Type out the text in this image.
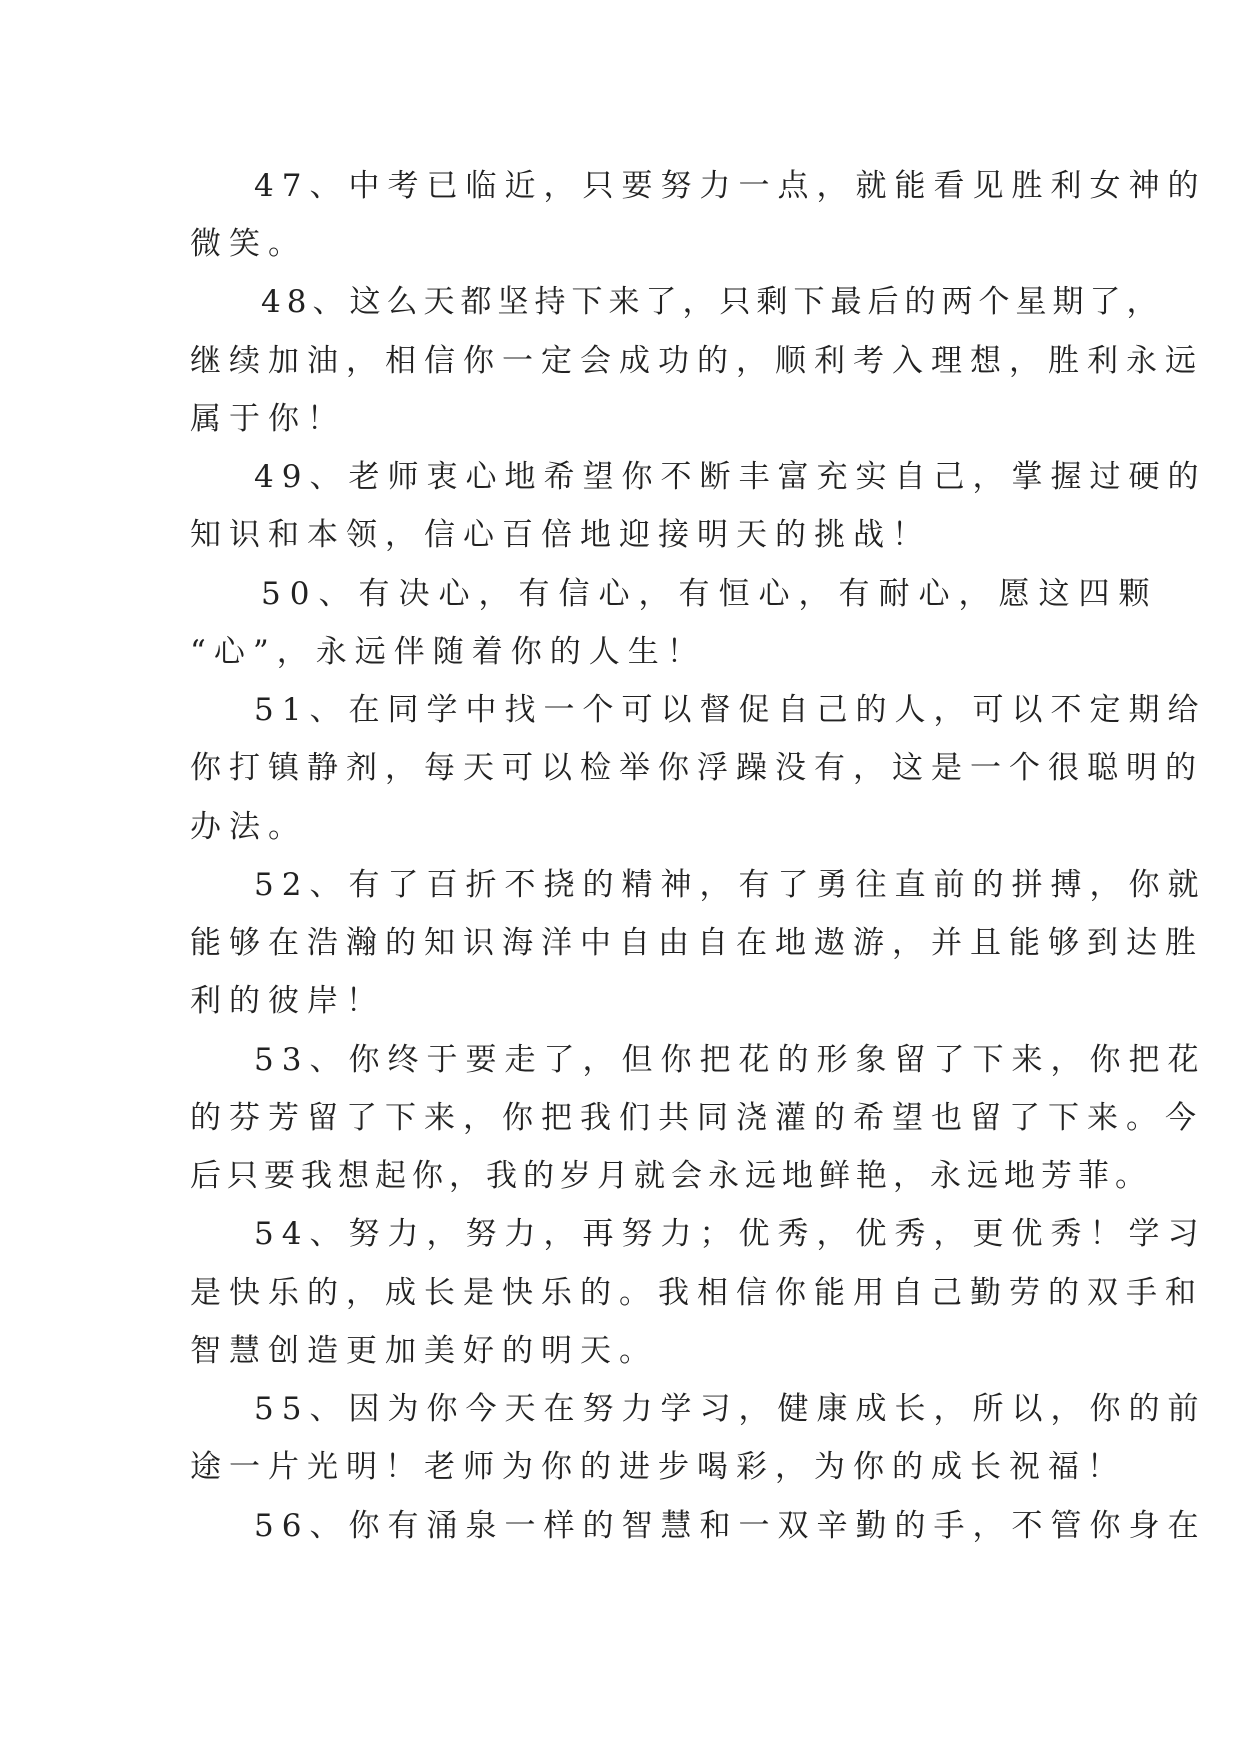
47、中考已临近，只要努力一点，就能看见胜利女神的
微笑。
48、这么天都坚持下来了，只剩下最后的两个星期了，
继续加油，相信你一定会成功的，顺利考入理想，胜利永远
属于你！
49、老师衷心地希望你不断丰富充实自己，掌握过硬的
知识和本领，信心百倍地迎接明天的挑战！
50、有决心，有信心，有恒心，有耐心，愿这四颗
“心”，永远伴随着你的人生！
51、在同学中找一个可以督促自己的人，可以不定期给
你打镇静剂，每天可以检举你浮躁没有，这是一个很聪明的
办法。
52、有了百折不挠的精神，有了勇往直前的拼搏，你就
能够在浩瀚的知识海洋中自由自在地遨游，并且能够到达胜
利的彼岸！
53、你终于要走了，但你把花的形象留了下来，你把花
的芬芳留了下来，你把我们共同浇灌的希望也留了下来。今
后只要我想起你，我的岁月就会永远地鲜艳，永远地芳菲。
54、努力，努力，再努力；优秀，优秀，更优秀！学习
是快乐的，成长是快乐的。我相信你能用自己勤劳的双手和
智慧创造更加美好的明天。
55、因为你今天在努力学习，健康成长，所以，你的前
途一片光明！老师为你的进步喝彩，为你的成长祝福！
56、你有涌泉一样的智慧和一双辛勤的手，不管你身在
